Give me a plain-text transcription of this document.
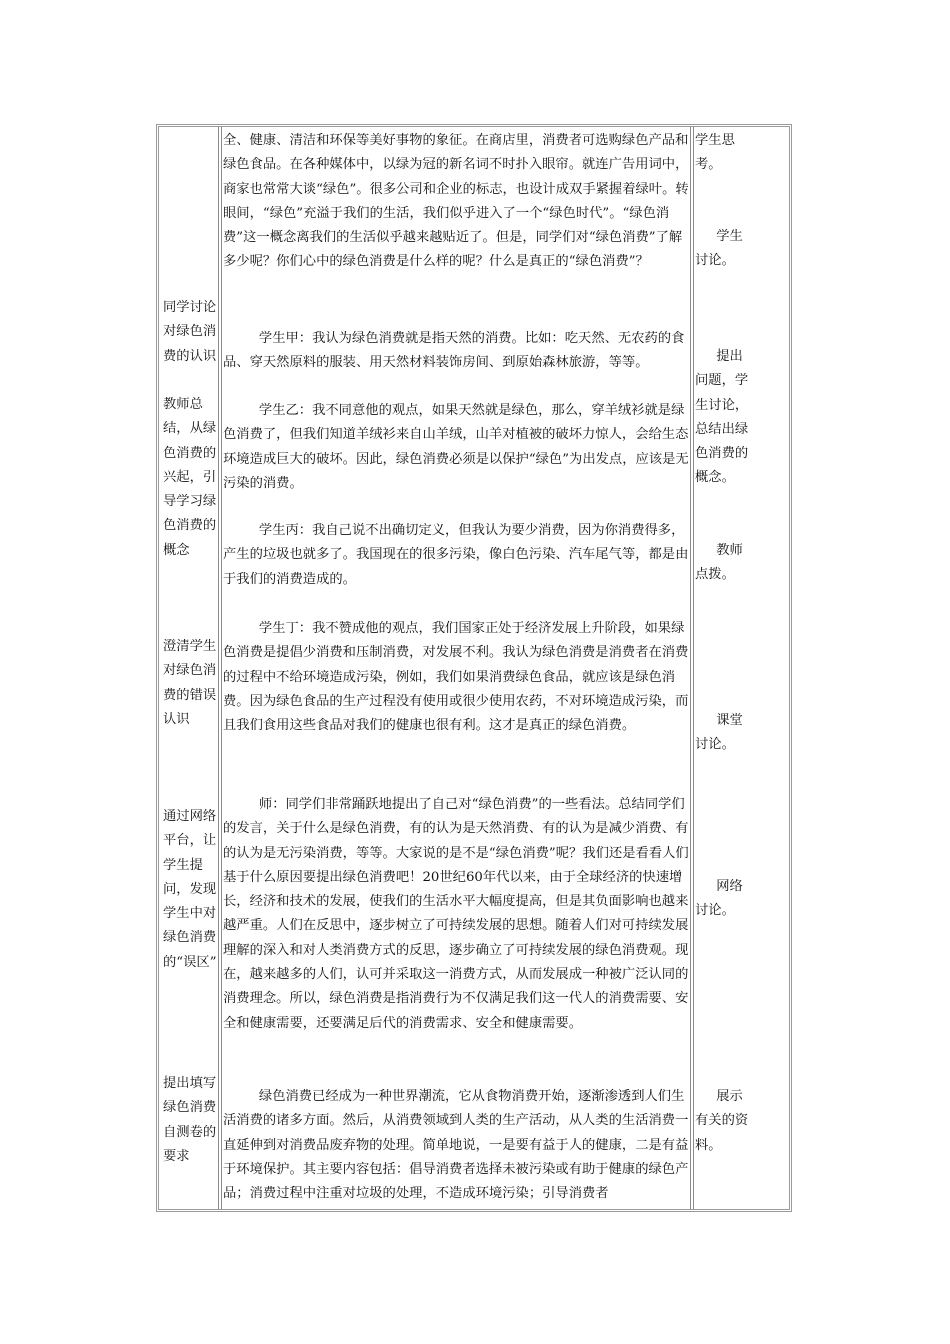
同学讨论对绿色消费的认识
教师总结，从绿色消费的兴起，引导学习绿色消费的概念
澄清学生对绿色消费的错误认识
通过网络平台，让学生提问，发现学生中对绿色消费的“误区”
提出填写绿色消费自测卷的要求

全、健康、清洁和环保等美好事物的象征。在商店里，消费者可选购绿色产品和绿色食品。在各种媒体中，以绿为冠的新名词不时扑入眼帘。就连广告用词中，商家也常常大谈“绿色”。很多公司和企业的标志，也设计成双手紧握着绿叶。转眼间，“绿色”充溢于我们的生活，我们似乎进入了一个“绿色时代”。“绿色消费”这一概念离我们的生活似乎越来越贴近了。但是，同学们对“绿色消费”了解多少呢？你们心中的绿色消费是什么样的呢？什么是真正的“绿色消费”？

学生甲：我认为绿色消费就是指天然的消费。比如：吃天然、无农药的食品、穿天然原料的服装、用天然材料装饰房间、到原始森林旅游，等等。

学生乙：我不同意他的观点，如果天然就是绿色，那么，穿羊绒衫就是绿色消费了，但我们知道羊绒衫来自山羊绒，山羊对植被的破坏力惊人，会给生态环境造成巨大的破坏。因此，绿色消费必须是以保护“绿色”为出发点，应该是无污染的消费。

学生丙：我自己说不出确切定义，但我认为要少消费，因为你消费得多，产生的垃圾也就多了。我国现在的很多污染，像白色污染、汽车尾气等，都是由于我们的消费造成的。

学生丁：我不赞成他的观点，我们国家正处于经济发展上升阶段，如果绿色消费是提倡少消费和压制消费，对发展不利。我认为绿色消费是消费者在消费的过程中不给环境造成污染，例如，我们如果消费绿色食品，就应该是绿色消费。因为绿色食品的生产过程没有使用或很少使用农药，不对环境造成污染，而且我们食用这些食品对我们的健康也很有利。这才是真正的绿色消费。

师：同学们非常踊跃地提出了自己对“绿色消费”的一些看法。总结同学们的发言，关于什么是绿色消费，有的认为是天然消费、有的认为是减少消费、有的认为是无污染消费，等等。大家说的是不是“绿色消费”呢？我们还是看看人们基于什么原因要提出绿色消费吧！20世纪60年代以来，由于全球经济的快速增长，经济和技术的发展，使我们的生活水平大幅度提高，但是其负面影响也越来越严重。人们在反思中，逐步树立了可持续发展的思想。随着人们对可持续发展理解的深入和对人类消费方式的反思，逐步确立了可持续发展的绿色消费观。现在，越来越多的人们，认可并采取这一消费方式，从而发展成一种被广泛认同的消费理念。所以，绿色消费是指消费行为不仅满足我们这一代人的消费需要、安全和健康需要，还要满足后代的消费需求、安全和健康需要。

绿色消费已经成为一种世界潮流，它从食物消费开始，逐渐渗透到人们生活消费的诸多方面。然后，从消费领域到人类的生产活动，从人类的生活消费一直延伸到对消费品废弃物的处理。简单地说，一是要有益于人的健康，二是有益于环境保护。其主要内容包括：倡导消费者选择未被污染或有助于健康的绿色产品；消费过程中注重对垃圾的处理，不造成环境污染；引导消费者

学生思考。

学生讨论。

提出问题，学生讨论，总结出绿色消费的概念。

教师点拨。

课堂讨论。

网络讨论。

展示有关的资料。
